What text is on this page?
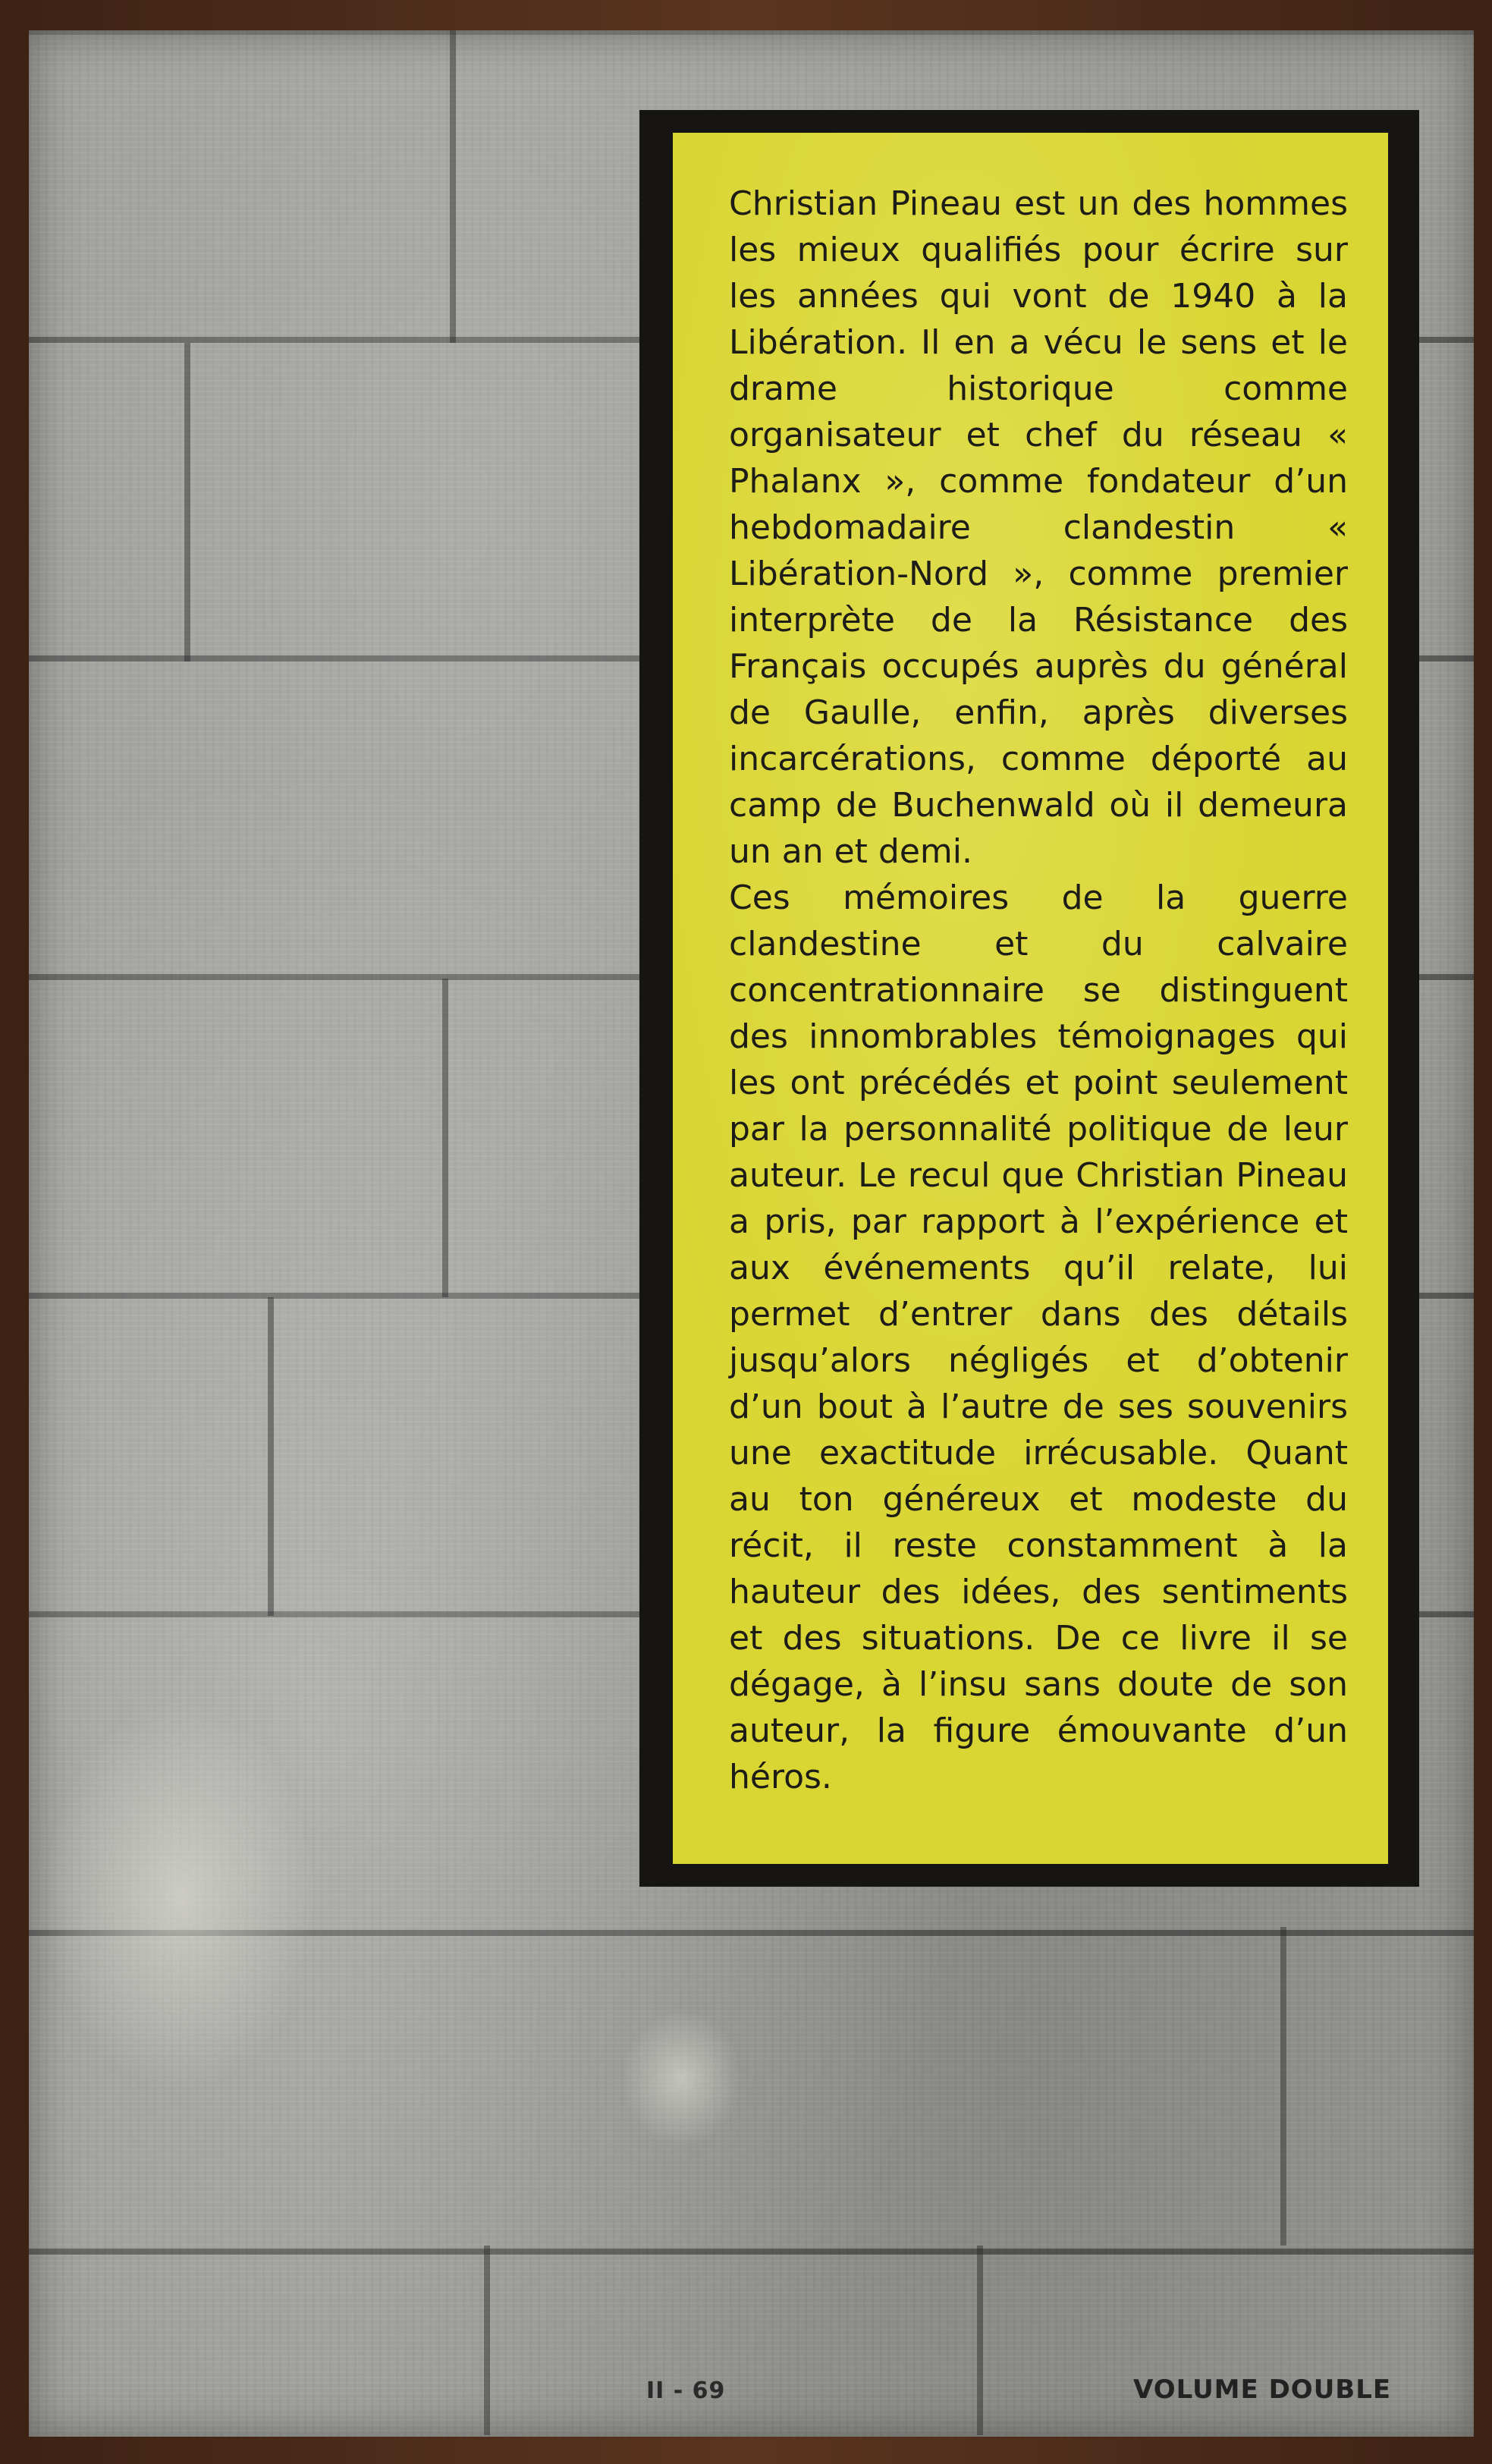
Christian Pineau est un des hommes les mieux qualifiés pour écrire sur les années qui vont de 1940 à la Libération. Il en a vécu le sens et le drame historique comme organisateur et chef du réseau « Phalanx », comme fondateur d’un hebdomadaire clandestin « Libération-Nord », comme premier interprète de la Résistance des Français occupés auprès du général de Gaulle, enfin, après diverses incarcérations, comme déporté au camp de Buchenwald où il demeura un an et demi.

Ces mémoires de la guerre clandestine et du calvaire concentrationnaire se distinguent des innombrables témoignages qui les ont précédés et point seulement par la personnalité politique de leur auteur. Le recul que Christian Pineau a pris, par rapport à l’expérience et aux événements qu’il relate, lui permet d’entrer dans des détails jusqu’alors négligés et d’obtenir d’un bout à l’autre de ses souvenirs une exactitude irrécusable. Quant au ton généreux et modeste du récit, il reste constamment à la hauteur des idées, des sentiments et des situations. De ce livre il se dégage, à l’insu sans doute de son auteur, la figure émouvante d’un héros.

II - 69	VOLUME DOUBLE
